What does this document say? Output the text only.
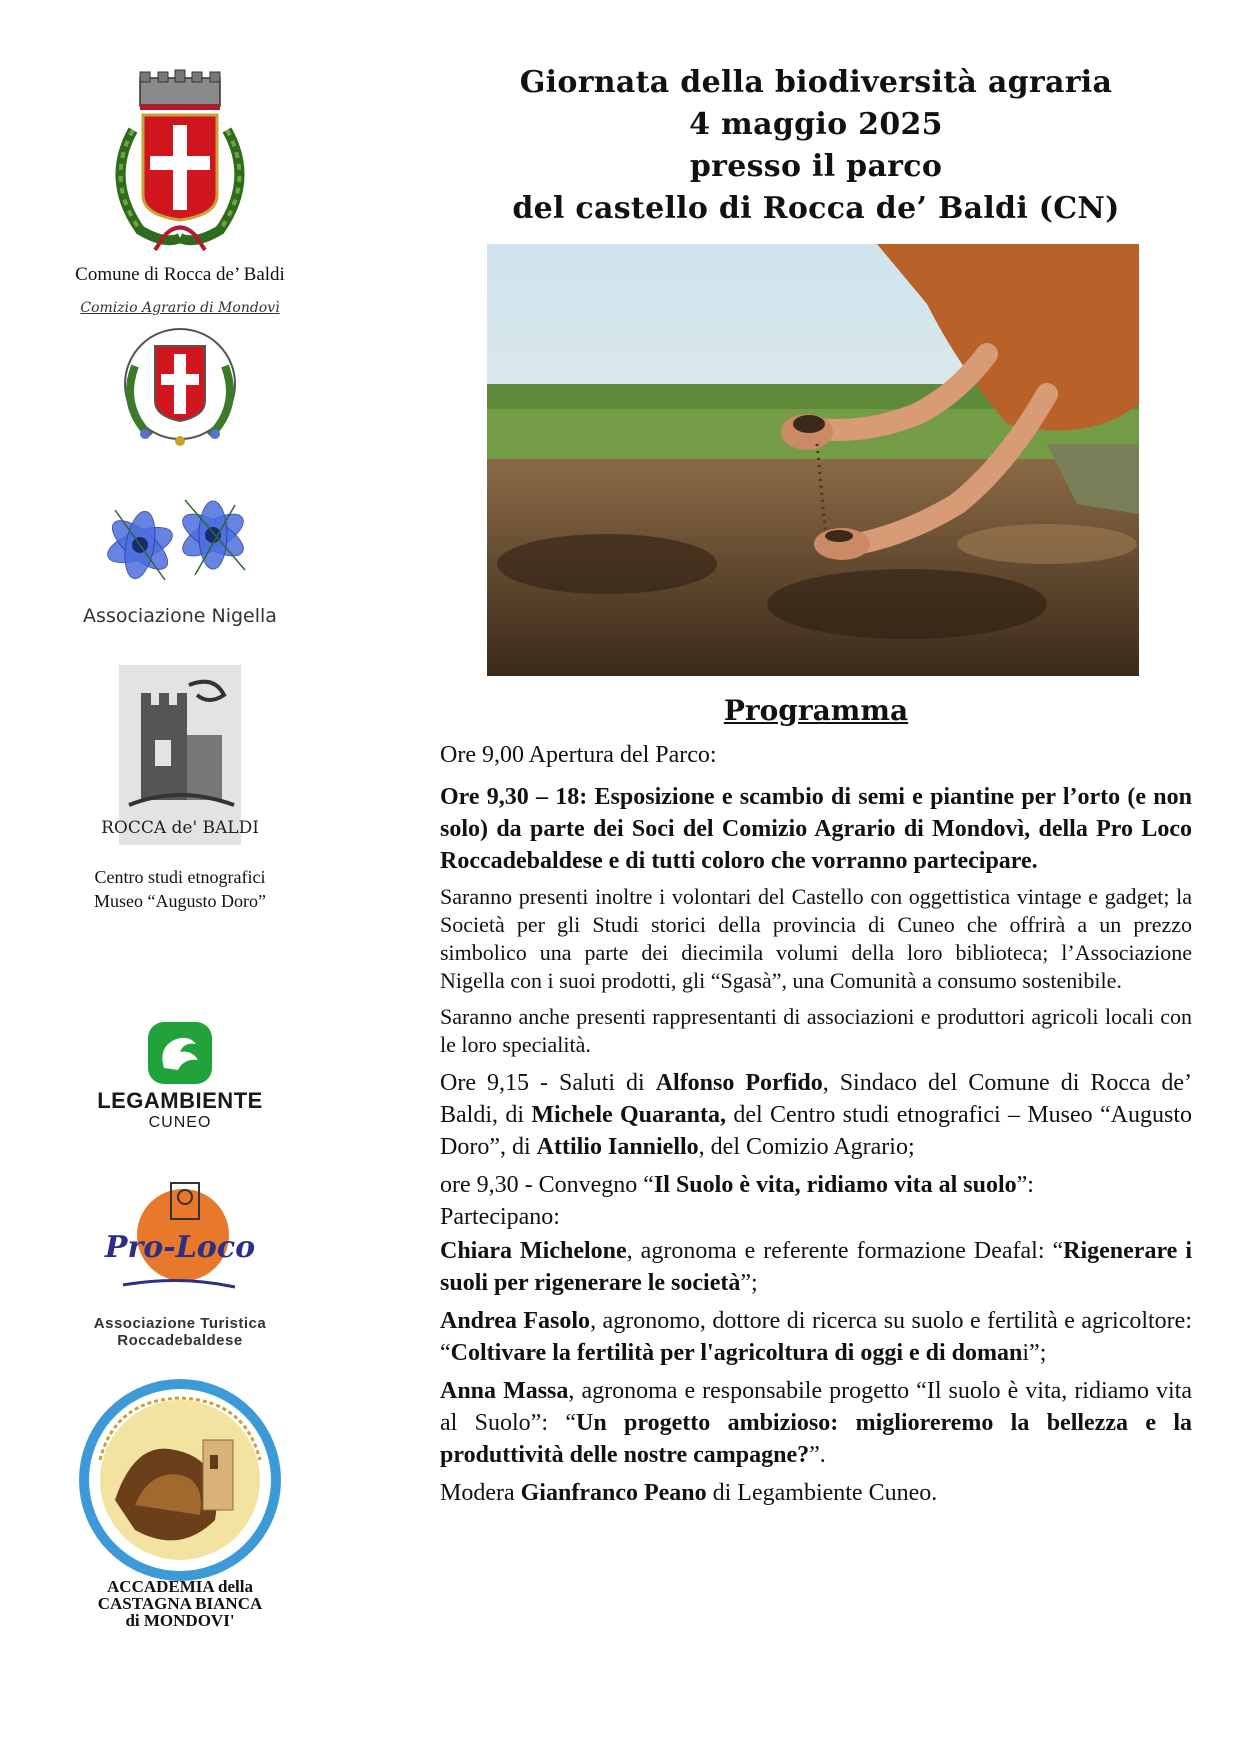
Comune di Rocca de’ Baldi
Comizio Agrario di Mondovì
Associazione Nigella
ROCCA de' BALDI
Centro studi etnografici
Museo “Augusto Doro”
LEGAMBIENTE
CUNEO
Pro-Loco
Associazione Turistica
Roccadebaldese
ACCADEMIA della
CASTAGNA BIANCA
di MONDOVI'
Giornata della biodiversità agraria
4 maggio 2025
presso il parco
del castello di Rocca de’ Baldi (CN)
Programma

Ore 9,00 Apertura del Parco:

Ore 9,30 – 18: Esposizione e scambio di semi e piantine per l’orto (e non solo) da parte dei Soci del Comizio Agrario di Mondovì, della Pro Loco Roccadebaldese e di tutti coloro che vorranno partecipare.

Saranno presenti inoltre i volontari del Castello con oggettistica vintage e gadget; la Società per gli Studi storici della provincia di Cuneo che offrirà a un prezzo simbolico una parte dei diecimila volumi della loro biblioteca; l’Associazione Nigella con i suoi prodotti, gli “Sgasà”, una Comunità a consumo sostenibile.

Saranno anche presenti rappresentanti di associazioni e produttori agricoli locali con le loro specialità.

Ore 9,15 - Saluti di Alfonso Porfido, Sindaco del Comune di Rocca de’ Baldi, di Michele Quaranta, del Centro studi etnografici – Museo “Augusto Doro”, di Attilio Ianniello, del Comizio Agrario;

ore 9,30 - Convegno “Il Suolo è vita, ridiamo vita al suolo”:
Partecipano:

Chiara Michelone, agronoma e referente formazione Deafal: “Rigenerare i suoli per rigenerare le società”;

Andrea Fasolo, agronomo, dottore di ricerca su suolo e fertilità e agricoltore: “Coltivare la fertilità per l'agricoltura di oggi e di domani”;

Anna Massa, agronoma e responsabile progetto “Il suolo è vita, ridiamo vita al Suolo”: “Un progetto ambizioso: miglioreremo la bellezza e la produttività delle nostre campagne?”.

Modera Gianfranco Peano di Legambiente Cuneo.
